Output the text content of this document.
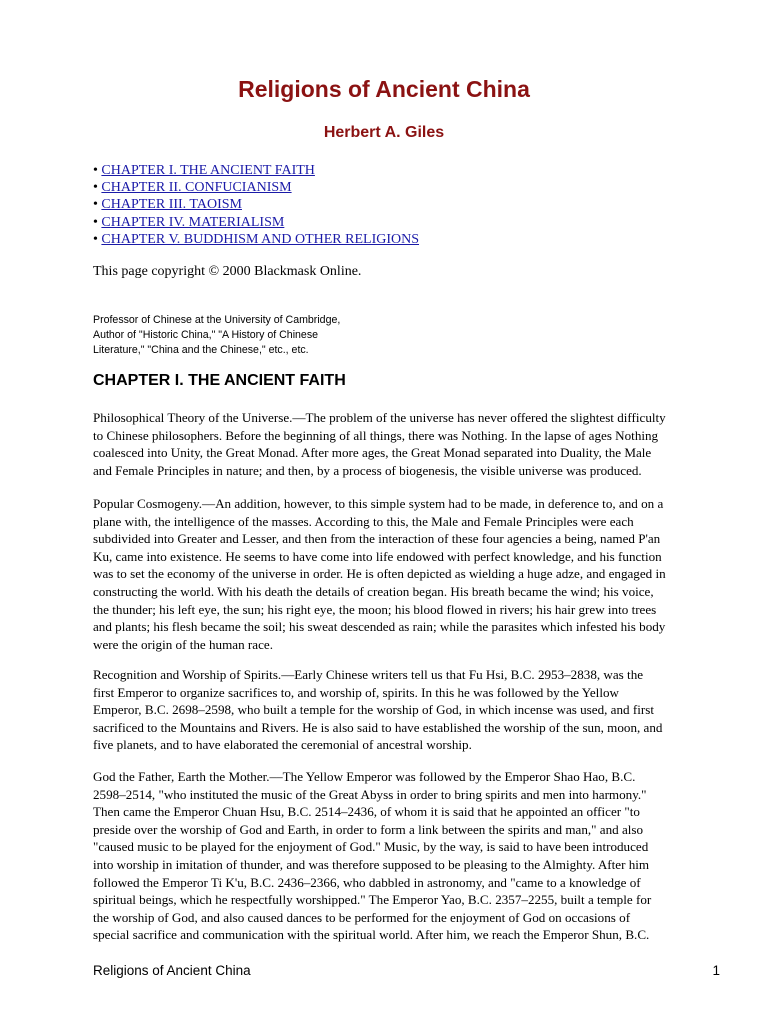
Religions of Ancient China
Herbert A. Giles
• CHAPTER I. THE ANCIENT FAITH
• CHAPTER II. CONFUCIANISM
• CHAPTER III. TAOISM
• CHAPTER IV. MATERIALISM
• CHAPTER V. BUDDHISM AND OTHER RELIGIONS
This page copyright © 2000 Blackmask Online.
Professor of Chinese at the University of Cambridge,
Author of "Historic China," "A History of Chinese
Literature," "China and the Chinese," etc., etc.
CHAPTER I. THE ANCIENT FAITH
Philosophical Theory of the Universe.––The problem of the universe has never offered the slightest difficulty
to Chinese philosophers. Before the beginning of all things, there was Nothing. In the lapse of ages Nothing
coalesced into Unity, the Great Monad. After more ages, the Great Monad separated into Duality, the Male
and Female Principles in nature; and then, by a process of biogenesis, the visible universe was produced.
Popular Cosmogeny.––An addition, however, to this simple system had to be made, in deference to, and on a
plane with, the intelligence of the masses. According to this, the Male and Female Principles were each
subdivided into Greater and Lesser, and then from the interaction of these four agencies a being, named P'an
Ku, came into existence. He seems to have come into life endowed with perfect knowledge, and his function
was to set the economy of the universe in order. He is often depicted as wielding a huge adze, and engaged in
constructing the world. With his death the details of creation began. His breath became the wind; his voice,
the thunder; his left eye, the sun; his right eye, the moon; his blood flowed in rivers; his hair grew into trees
and plants; his flesh became the soil; his sweat descended as rain; while the parasites which infested his body
were the origin of the human race.
Recognition and Worship of Spirits.––Early Chinese writers tell us that Fu Hsi, B.C. 2953–2838, was the
first Emperor to organize sacrifices to, and worship of, spirits. In this he was followed by the Yellow
Emperor, B.C. 2698–2598, who built a temple for the worship of God, in which incense was used, and first
sacrificed to the Mountains and Rivers. He is also said to have established the worship of the sun, moon, and
five planets, and to have elaborated the ceremonial of ancestral worship.
God the Father, Earth the Mother.––The Yellow Emperor was followed by the Emperor Shao Hao, B.C.
2598–2514, "who instituted the music of the Great Abyss in order to bring spirits and men into harmony."
Then came the Emperor Chuan Hsu, B.C. 2514–2436, of whom it is said that he appointed an officer "to
preside over the worship of God and Earth, in order to form a link between the spirits and man," and also
"caused music to be played for the enjoyment of God." Music, by the way, is said to have been introduced
into worship in imitation of thunder, and was therefore supposed to be pleasing to the Almighty. After him
followed the Emperor Ti K'u, B.C. 2436–2366, who dabbled in astronomy, and "came to a knowledge of
spiritual beings, which he respectfully worshipped." The Emperor Yao, B.C. 2357–2255, built a temple for
the worship of God, and also caused dances to be performed for the enjoyment of God on occasions of
special sacrifice and communication with the spiritual world. After him, we reach the Emperor Shun, B.C.
Religions of Ancient China	1
